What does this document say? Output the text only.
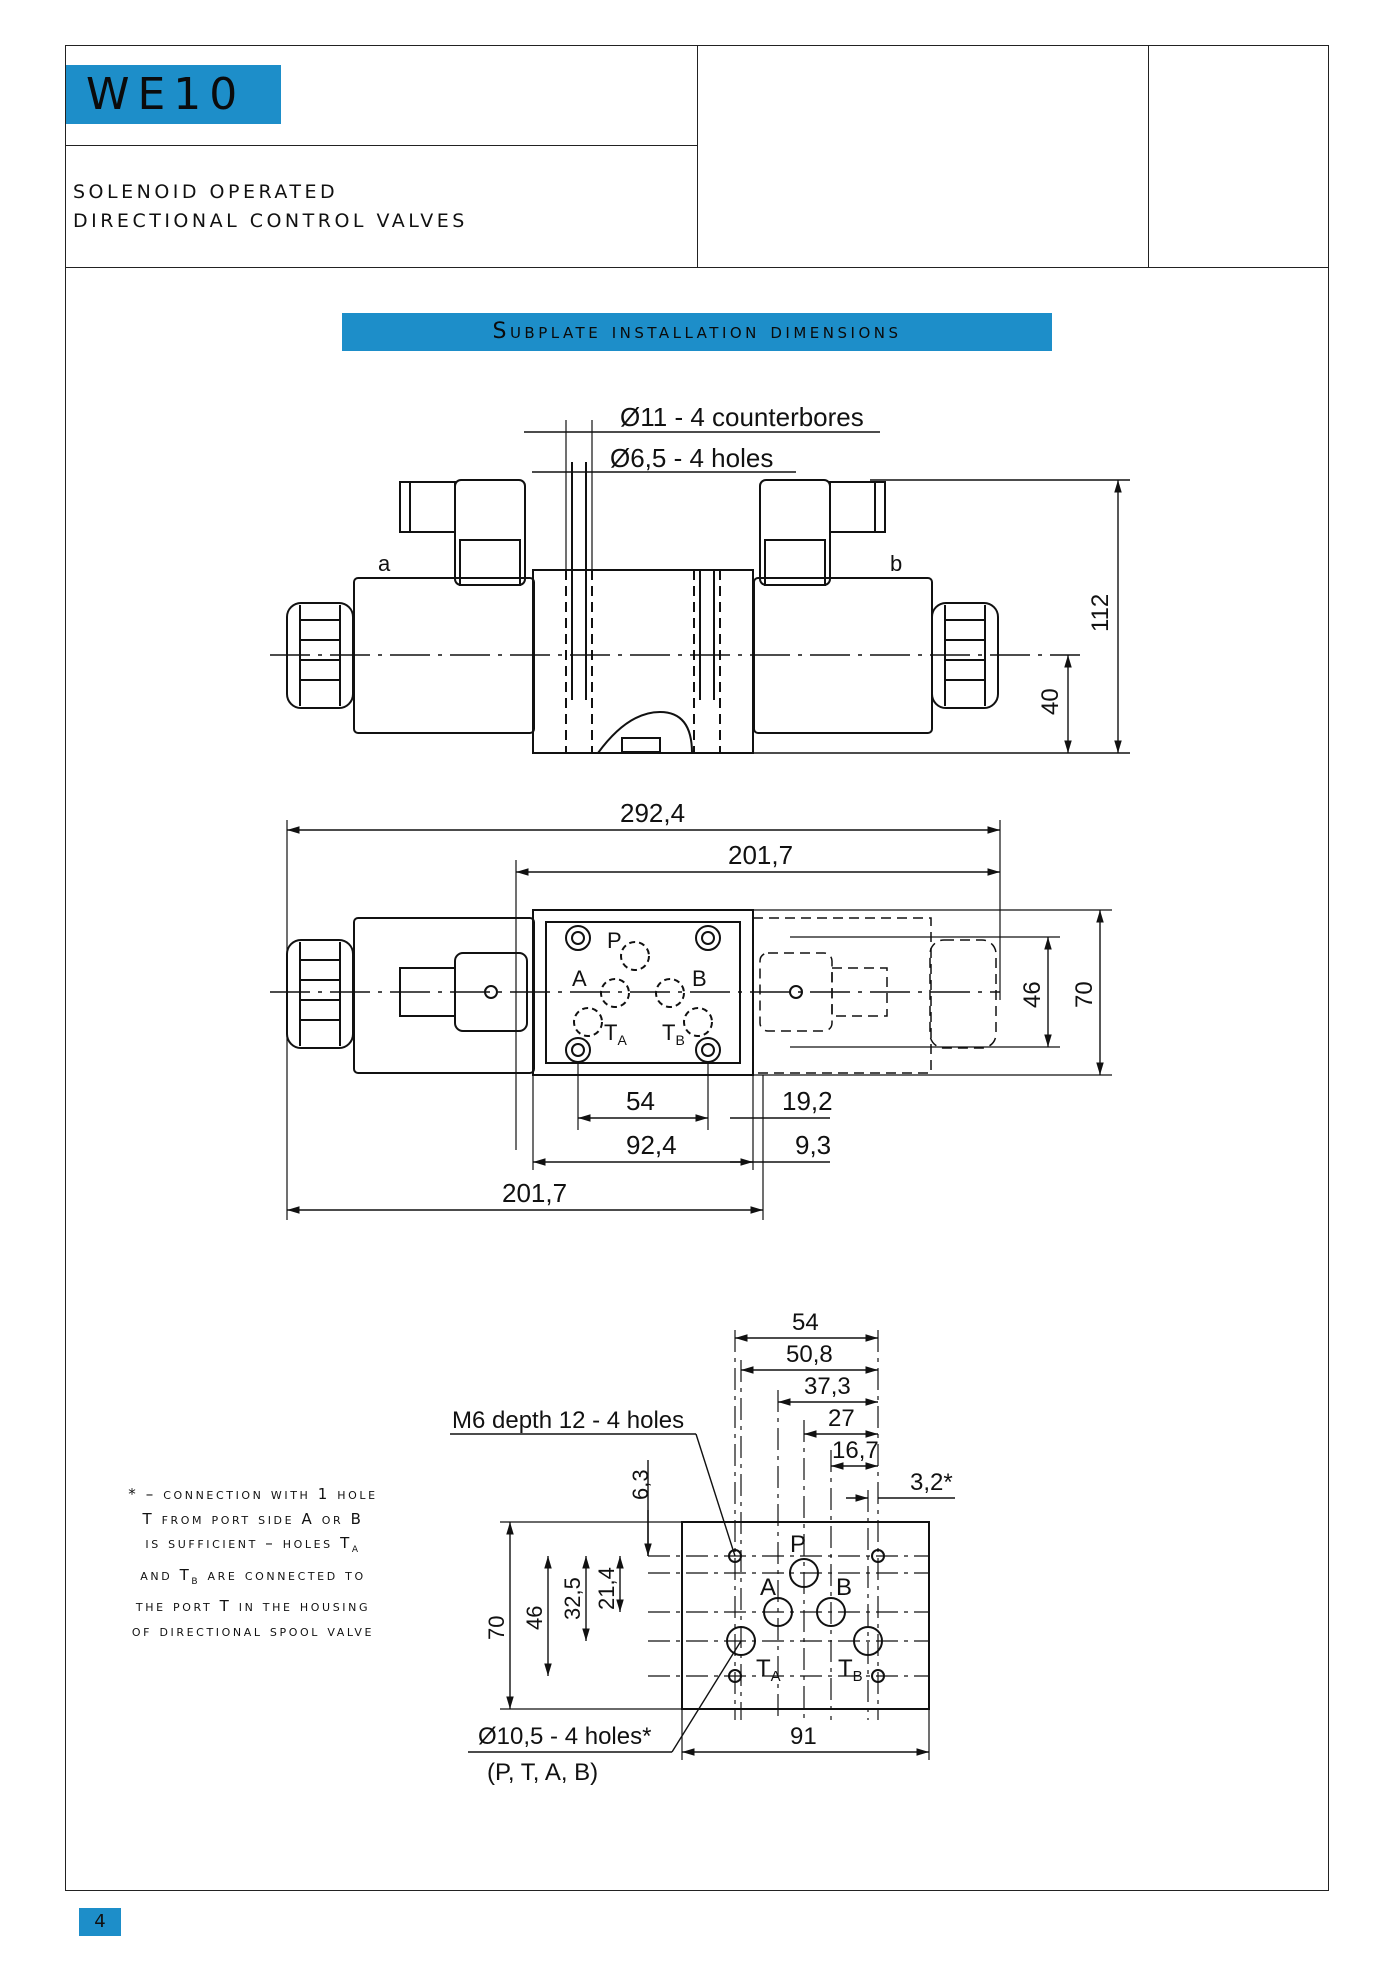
WE10
SOLENOID OPERATED
DIRECTIONAL CONTROL VALVES
Subplate installation dimensions
Ø11 - 4 counterbores
Ø6,5 - 4 holes
a	b
112
40
292,4
201,7
54
92,4
19,2
9,3
201,7
46 70
P
A	B
$T_A$ $T_B$
54
50,8
37,3
27
16,7
3,2*
M6 depth 12 - 4 holes
6,3
21,4
32,5
46
70
91
Ø10,5 - 4 holes*
(P, T, A, B)
P
A B
$T_A$ $T_B$
* – connection with 1 hole
T from port side A or B
is sufficient – holes $T_A$
and $T_B$ are connected to
the port T in the housing
of directional spool valve
4
